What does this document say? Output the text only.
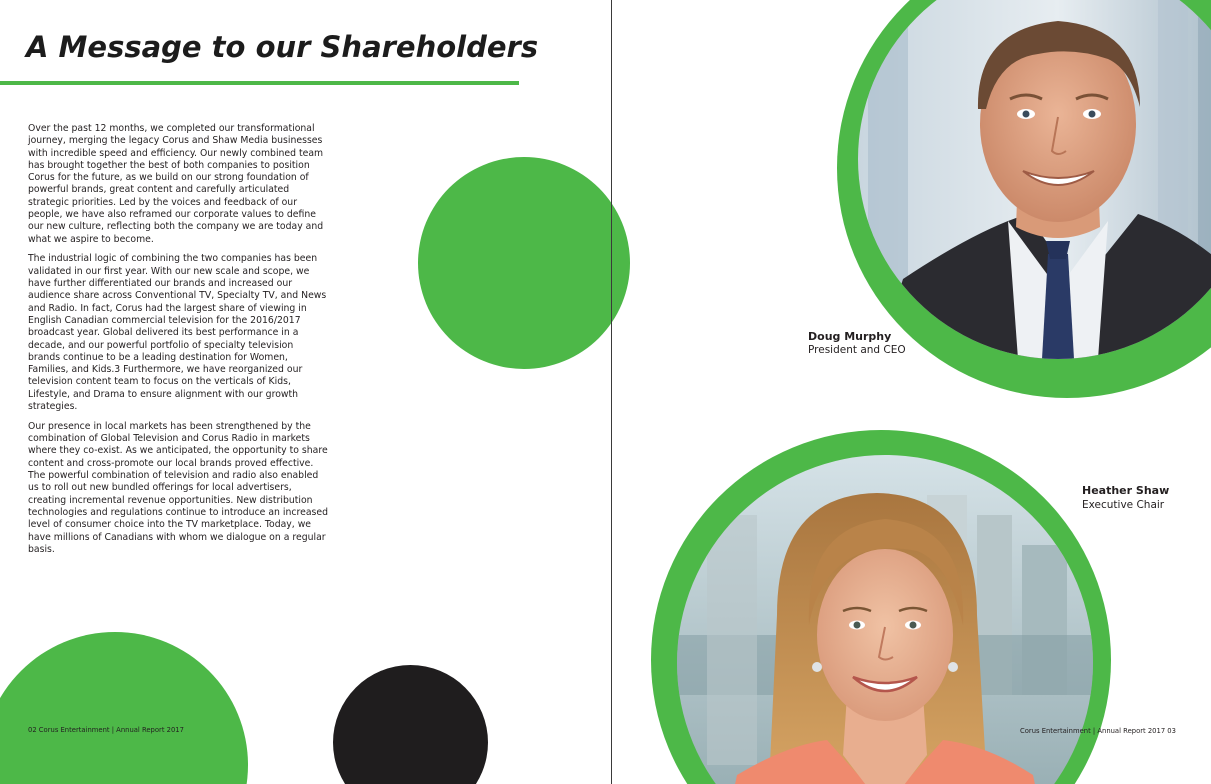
A Message to our Shareholders

Over the past 12 months, we completed our transformational journey, merging the legacy Corus and Shaw Media businesses with incredible speed and efficiency. Our newly combined team has brought together the best of both companies to position Corus for the future, as we build on our strong foundation of powerful brands, great content and carefully articulated strategic priorities. Led by the voices and feedback of our people, we have also reframed our corporate values to define our new culture, reflecting both the company we are today and what we aspire to become.

The industrial logic of combining the two companies has been validated in our first year. With our new scale and scope, we have further differentiated our brands and increased our audience share across Conventional TV, Specialty TV, and News and Radio. In fact, Corus had the largest share of viewing in English Canadian commercial television for the 2016/2017 broadcast year. Global delivered its best performance in a decade, and our powerful portfolio of specialty television brands continue to be a leading destination for Women, Families, and Kids.3 Furthermore, we have reorganized our television content team to focus on the verticals of Kids, Lifestyle, and Drama to ensure alignment with our growth strategies.

Our presence in local markets has been strengthened by the combination of Global Television and Corus Radio in markets where they co-exist. As we anticipated, the opportunity to share content and cross-promote our local brands proved effective. The powerful combination of television and radio also enabled us to roll out new bundled offerings for local advertisers, creating incremental revenue opportunities. New distribution technologies and regulations continue to introduce an increased level of consumer choice into the TV marketplace. Today, we have millions of Canadians with whom we dialogue on a regular basis.

Doug Murphy
President and CEO
Heather Shaw
Executive Chair
02 Corus Entertainment | Annual Report 2017	Corus Entertainment | Annual Report 2017 03
